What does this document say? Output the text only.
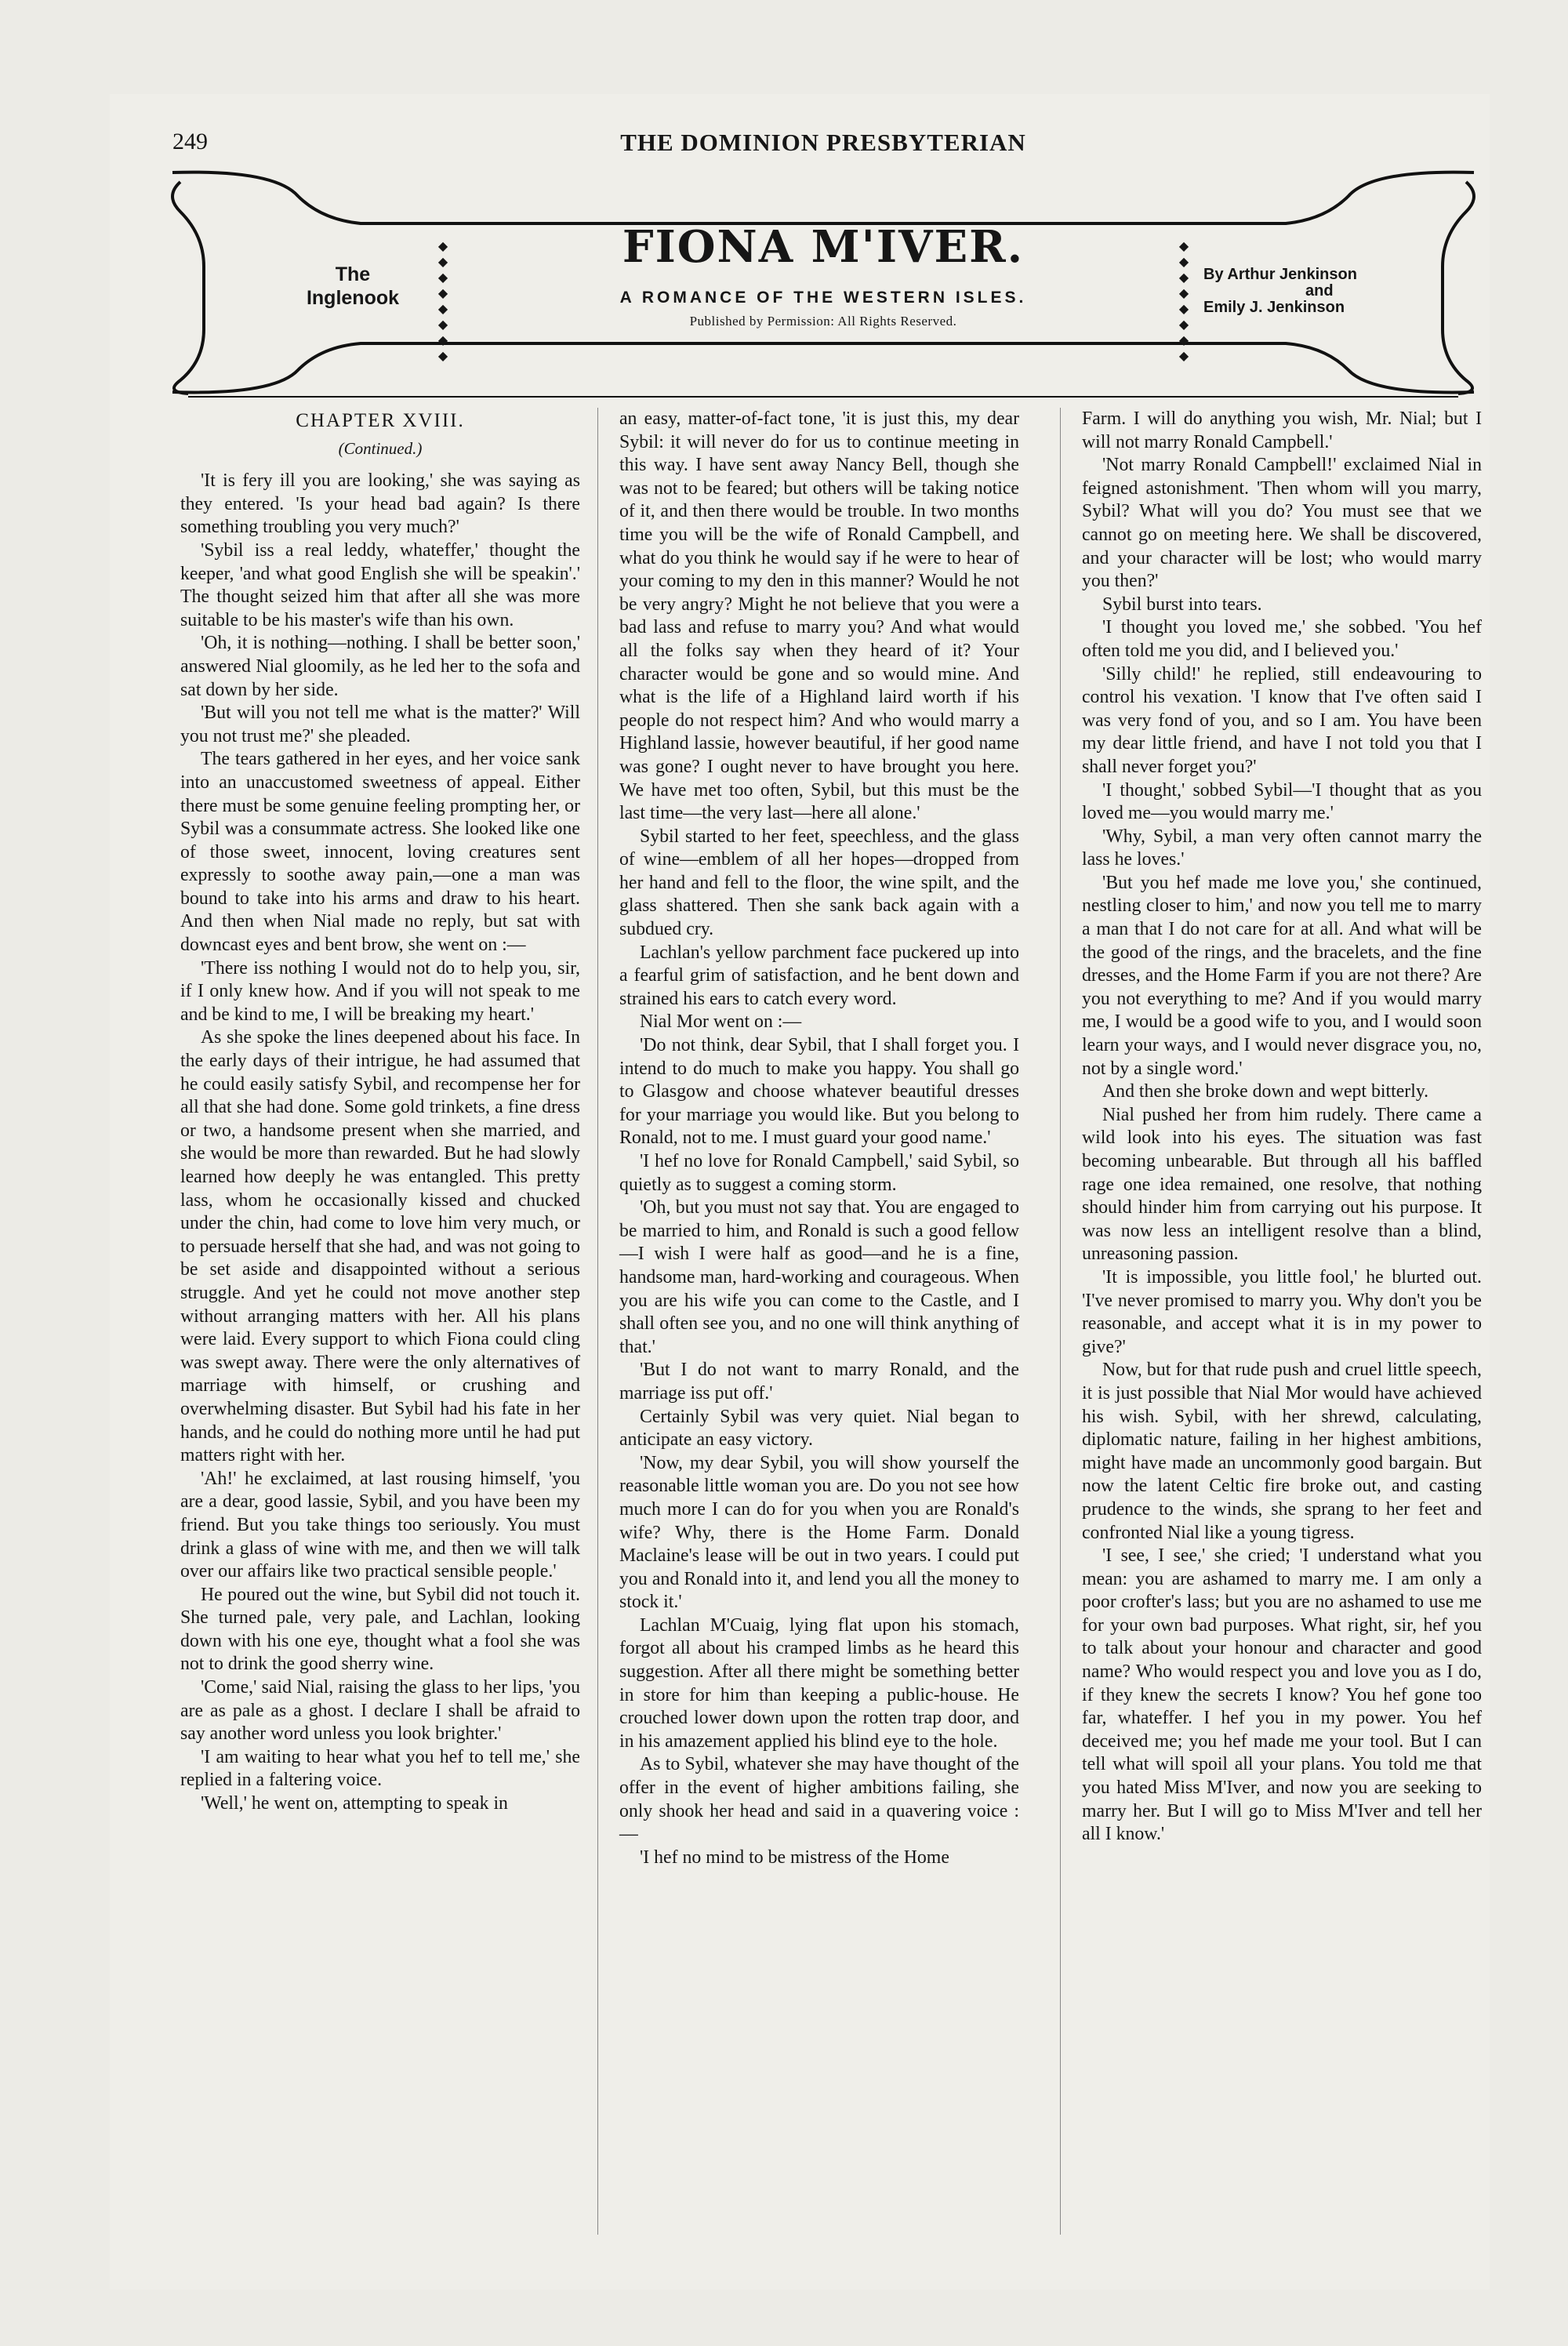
249	THE DOMINION PRESBYTERIAN
The
Inglenook
◆
◆
◆
◆
◆
◆
◆
◆
FIONA M'IVER.
A ROMANCE OF THE WESTERN ISLES.
Published by Permission: All Rights Reserved.
◆
◆
◆
◆
◆
◆
◆
◆
By Arthur Jenkinson
and
Emily J. Jenkinson
CHAPTER XVIII.
(Continued.)

'It is fery ill you are looking,' she was saying as they entered. 'Is your head bad again? Is there something troubling you very much?'

'Sybil iss a real leddy, whateffer,' thought the keeper, 'and what good English she will be speakin'.' The thought seized him that after all she was more suitable to be his master's wife than his own.

'Oh, it is nothing—nothing. I shall be better soon,' answered Nial gloomily, as he led her to the sofa and sat down by her side.

'But will you not tell me what is the matter?' Will you not trust me?' she pleaded.

The tears gathered in her eyes, and her voice sank into an unaccustomed sweetness of appeal. Either there must be some genuine feeling prompting her, or Sybil was a consummate actress. She looked like one of those sweet, innocent, loving creatures sent expressly to soothe away pain,—one a man was bound to take into his arms and draw to his heart. And then when Nial made no reply, but sat with downcast eyes and bent brow, she went on :—

'There iss nothing I would not do to help you, sir, if I only knew how. And if you will not speak to me and be kind to me, I will be breaking my heart.'

As she spoke the lines deepened about his face. In the early days of their intrigue, he had assumed that he could easily satisfy Sybil, and recompense her for all that she had done. Some gold trinkets, a fine dress or two, a handsome present when she married, and she would be more than rewarded. But he had slowly learned how deeply he was entangled. This pretty lass, whom he occasionally kissed and chucked under the chin, had come to love him very much, or to persuade herself that she had, and was not going to be set aside and disappointed without a serious struggle. And yet he could not move another step without arranging matters with her. All his plans were laid. Every support to which Fiona could cling was swept away. There were the only alternatives of marriage with himself, or crushing and overwhelming disaster. But Sybil had his fate in her hands, and he could do nothing more until he had put matters right with her.

'Ah!' he exclaimed, at last rousing himself, 'you are a dear, good lassie, Sybil, and you have been my friend. But you take things too seriously. You must drink a glass of wine with me, and then we will talk over our affairs like two practical sensible people.'

He poured out the wine, but Sybil did not touch it. She turned pale, very pale, and Lachlan, looking down with his one eye, thought what a fool she was not to drink the good sherry wine.

'Come,' said Nial, raising the glass to her lips, 'you are as pale as a ghost. I declare I shall be afraid to say another word unless you look brighter.'

'I am waiting to hear what you hef to tell me,' she replied in a faltering voice.

'Well,' he went on, attempting to speak in

an easy, matter-of-fact tone, 'it is just this, my dear Sybil: it will never do for us to continue meeting in this way. I have sent away Nancy Bell, though she was not to be feared; but others will be taking notice of it, and then there would be trouble. In two months time you will be the wife of Ronald Campbell, and what do you think he would say if he were to hear of your coming to my den in this manner? Would he not be very angry? Might he not believe that you were a bad lass and refuse to marry you? And what would all the folks say when they heard of it? Your character would be gone and so would mine. And what is the life of a Highland laird worth if his people do not respect him? And who would marry a Highland lassie, however beautiful, if her good name was gone? I ought never to have brought you here. We have met too often, Sybil, but this must be the last time—the very last—here all alone.'

Sybil started to her feet, speechless, and the glass of wine—emblem of all her hopes—dropped from her hand and fell to the floor, the wine spilt, and the glass shattered. Then she sank back again with a subdued cry.

Lachlan's yellow parchment face puckered up into a fearful grim of satisfaction, and he bent down and strained his ears to catch every word.

Nial Mor went on :—

'Do not think, dear Sybil, that I shall forget you. I intend to do much to make you happy. You shall go to Glasgow and choose whatever beautiful dresses for your marriage you would like. But you belong to Ronald, not to me. I must guard your good name.'

'I hef no love for Ronald Campbell,' said Sybil, so quietly as to suggest a coming storm.

'Oh, but you must not say that. You are engaged to be married to him, and Ronald is such a good fellow—I wish I were half as good—and he is a fine, handsome man, hard-working and courageous. When you are his wife you can come to the Castle, and I shall often see you, and no one will think anything of that.'

'But I do not want to marry Ronald, and the marriage iss put off.'

Certainly Sybil was very quiet. Nial began to anticipate an easy victory.

'Now, my dear Sybil, you will show yourself the reasonable little woman you are. Do you not see how much more I can do for you when you are Ronald's wife? Why, there is the Home Farm. Donald Maclaine's lease will be out in two years. I could put you and Ronald into it, and lend you all the money to stock it.'

Lachlan M'Cuaig, lying flat upon his stomach, forgot all about his cramped limbs as he heard this suggestion. After all there might be something better in store for him than keeping a public-house. He crouched lower down upon the rotten trap door, and in his amazement applied his blind eye to the hole.

As to Sybil, whatever she may have thought of the offer in the event of higher ambitions failing, she only shook her head and said in a quavering voice :—

'I hef no mind to be mistress of the Home

Farm. I will do anything you wish, Mr. Nial; but I will not marry Ronald Campbell.'

'Not marry Ronald Campbell!' exclaimed Nial in feigned astonishment. 'Then whom will you marry, Sybil? What will you do? You must see that we cannot go on meeting here. We shall be discovered, and your character will be lost; who would marry you then?'

Sybil burst into tears.

'I thought you loved me,' she sobbed. 'You hef often told me you did, and I believed you.'

'Silly child!' he replied, still endeavouring to control his vexation. 'I know that I've often said I was very fond of you, and so I am. You have been my dear little friend, and have I not told you that I shall never forget you?'

'I thought,' sobbed Sybil—'I thought that as you loved me—you would marry me.'

'Why, Sybil, a man very often cannot marry the lass he loves.'

'But you hef made me love you,' she continued, nestling closer to him,' and now you tell me to marry a man that I do not care for at all. And what will be the good of the rings, and the bracelets, and the fine dresses, and the Home Farm if you are not there? Are you not everything to me? And if you would marry me, I would be a good wife to you, and I would soon learn your ways, and I would never disgrace you, no, not by a single word.'

And then she broke down and wept bitterly.

Nial pushed her from him rudely. There came a wild look into his eyes. The situation was fast becoming unbearable. But through all his baffled rage one idea remained, one resolve, that nothing should hinder him from carrying out his purpose. It was now less an intelligent resolve than a blind, unreasoning passion.

'It is impossible, you little fool,' he blurted out. 'I've never promised to marry you. Why don't you be reasonable, and accept what it is in my power to give?'

Now, but for that rude push and cruel little speech, it is just possible that Nial Mor would have achieved his wish. Sybil, with her shrewd, calculating, diplomatic nature, failing in her highest ambitions, might have made an uncommonly good bargain. But now the latent Celtic fire broke out, and casting prudence to the winds, she sprang to her feet and confronted Nial like a young tigress.

'I see, I see,' she cried; 'I understand what you mean: you are ashamed to marry me. I am only a poor crofter's lass; but you are no ashamed to use me for your own bad purposes. What right, sir, hef you to talk about your honour and character and good name? Who would respect you and love you as I do, if they knew the secrets I know? You hef gone too far, whateffer. I hef you in my power. You hef deceived me; you hef made me your tool. But I can tell what will spoil all your plans. You told me that you hated Miss M'Iver, and now you are seeking to marry her. But I will go to Miss M'Iver and tell her all I know.'
